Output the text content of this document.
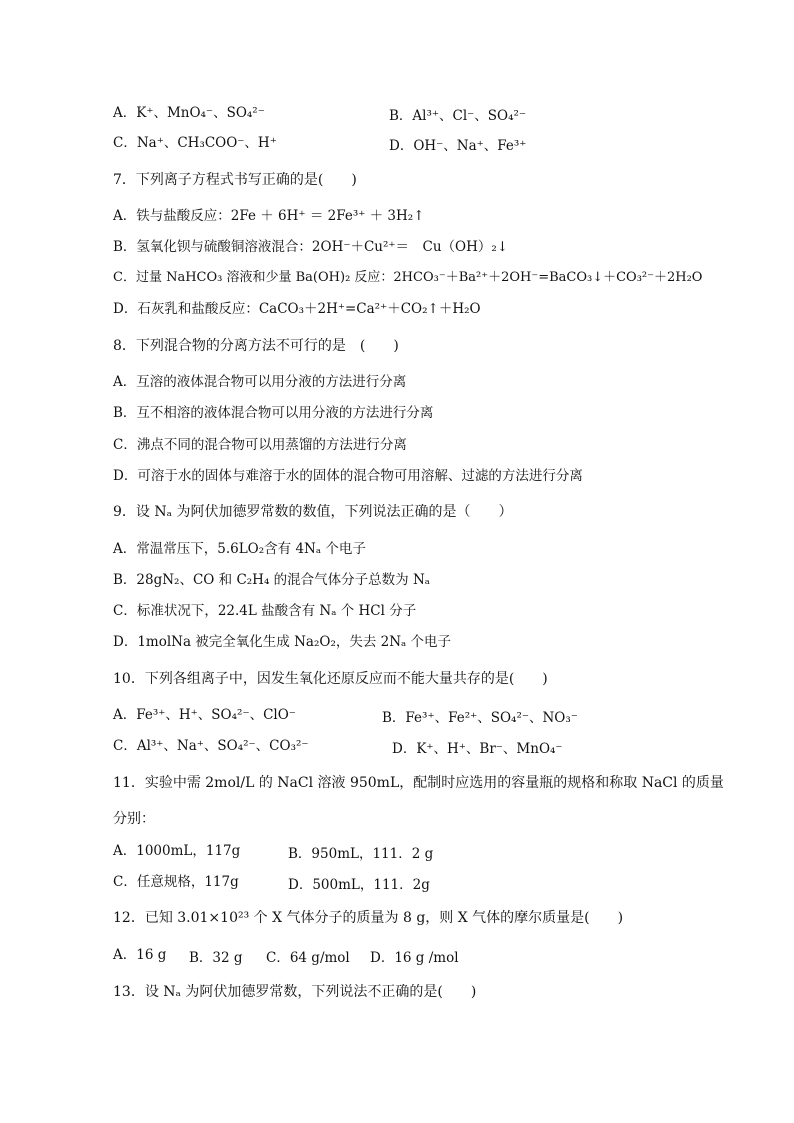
A．K⁺、MnO₄⁻、SO₄²⁻	B．Al³⁺、Cl⁻、SO₄²⁻
C．Na⁺、CH₃COO⁻、H⁺	D．OH⁻、Na⁺、Fe³⁺
7．下列离子方程式书写正确的是(　　)
A．铁与盐酸反应：2Fe ＋ 6H⁺ ＝ 2Fe³⁺ ＋ 3H₂↑
B．氢氧化钡与硫酸铜溶液混合：2OH⁻＋Cu²⁺＝　Cu（OH）₂↓
C．过量 NaHCO₃ 溶液和少量 Ba(OH)₂ 反应：2HCO₃⁻＋Ba²⁺＋2OH⁻=BaCO₃↓＋CO₃²⁻＋2H₂O
D．石灰乳和盐酸反应：CaCO₃＋2H⁺=Ca²⁺＋CO₂↑＋H₂O
8．下列混合物的分离方法不可行的是　(　　)
A．互溶的液体混合物可以用分液的方法进行分离
B．互不相溶的液体混合物可以用分液的方法进行分离
C．沸点不同的混合物可以用蒸馏的方法进行分离
D．可溶于水的固体与难溶于水的固体的混合物可用溶解、过滤的方法进行分离
9．设 Nₐ 为阿伏加德罗常数的数值，下列说法正确的是（　　）
A．常温常压下，5.6LO₂含有 4Nₐ 个电子
B．28gN₂、CO 和 C₂H₄ 的混合气体分子总数为 Nₐ
C．标准状况下，22.4L 盐酸含有 Nₐ 个 HCl 分子
D．1molNa 被完全氧化生成 Na₂O₂，失去 2Nₐ 个电子
10．下列各组离子中，因发生氧化还原反应而不能大量共存的是(　　)
A．Fe³⁺、H⁺、SO₄²⁻、ClO⁻	B．Fe³⁺、Fe²⁺、SO₄²⁻、NO₃⁻
C．Al³⁺、Na⁺、SO₄²⁻、CO₃²⁻	D．K⁺、H⁺、Br⁻、MnO₄⁻
11．实验中需 2mol/L 的 NaCl 溶液 950mL，配制时应选用的容量瓶的规格和称取 NaCl 的质量
分别：
A．1000mL，117g	B．950mL，111．2 g
C．任意规格，117g	D．500mL，111．2g
12．已知 3.01×10²³ 个 X 气体分子的质量为 8 g，则 X 气体的摩尔质量是(　　)
A．16 g B．32 g C．64 g/mol D．16 g /mol
13．设 Nₐ 为阿伏加德罗常数，下列说法不正确的是(　　)
